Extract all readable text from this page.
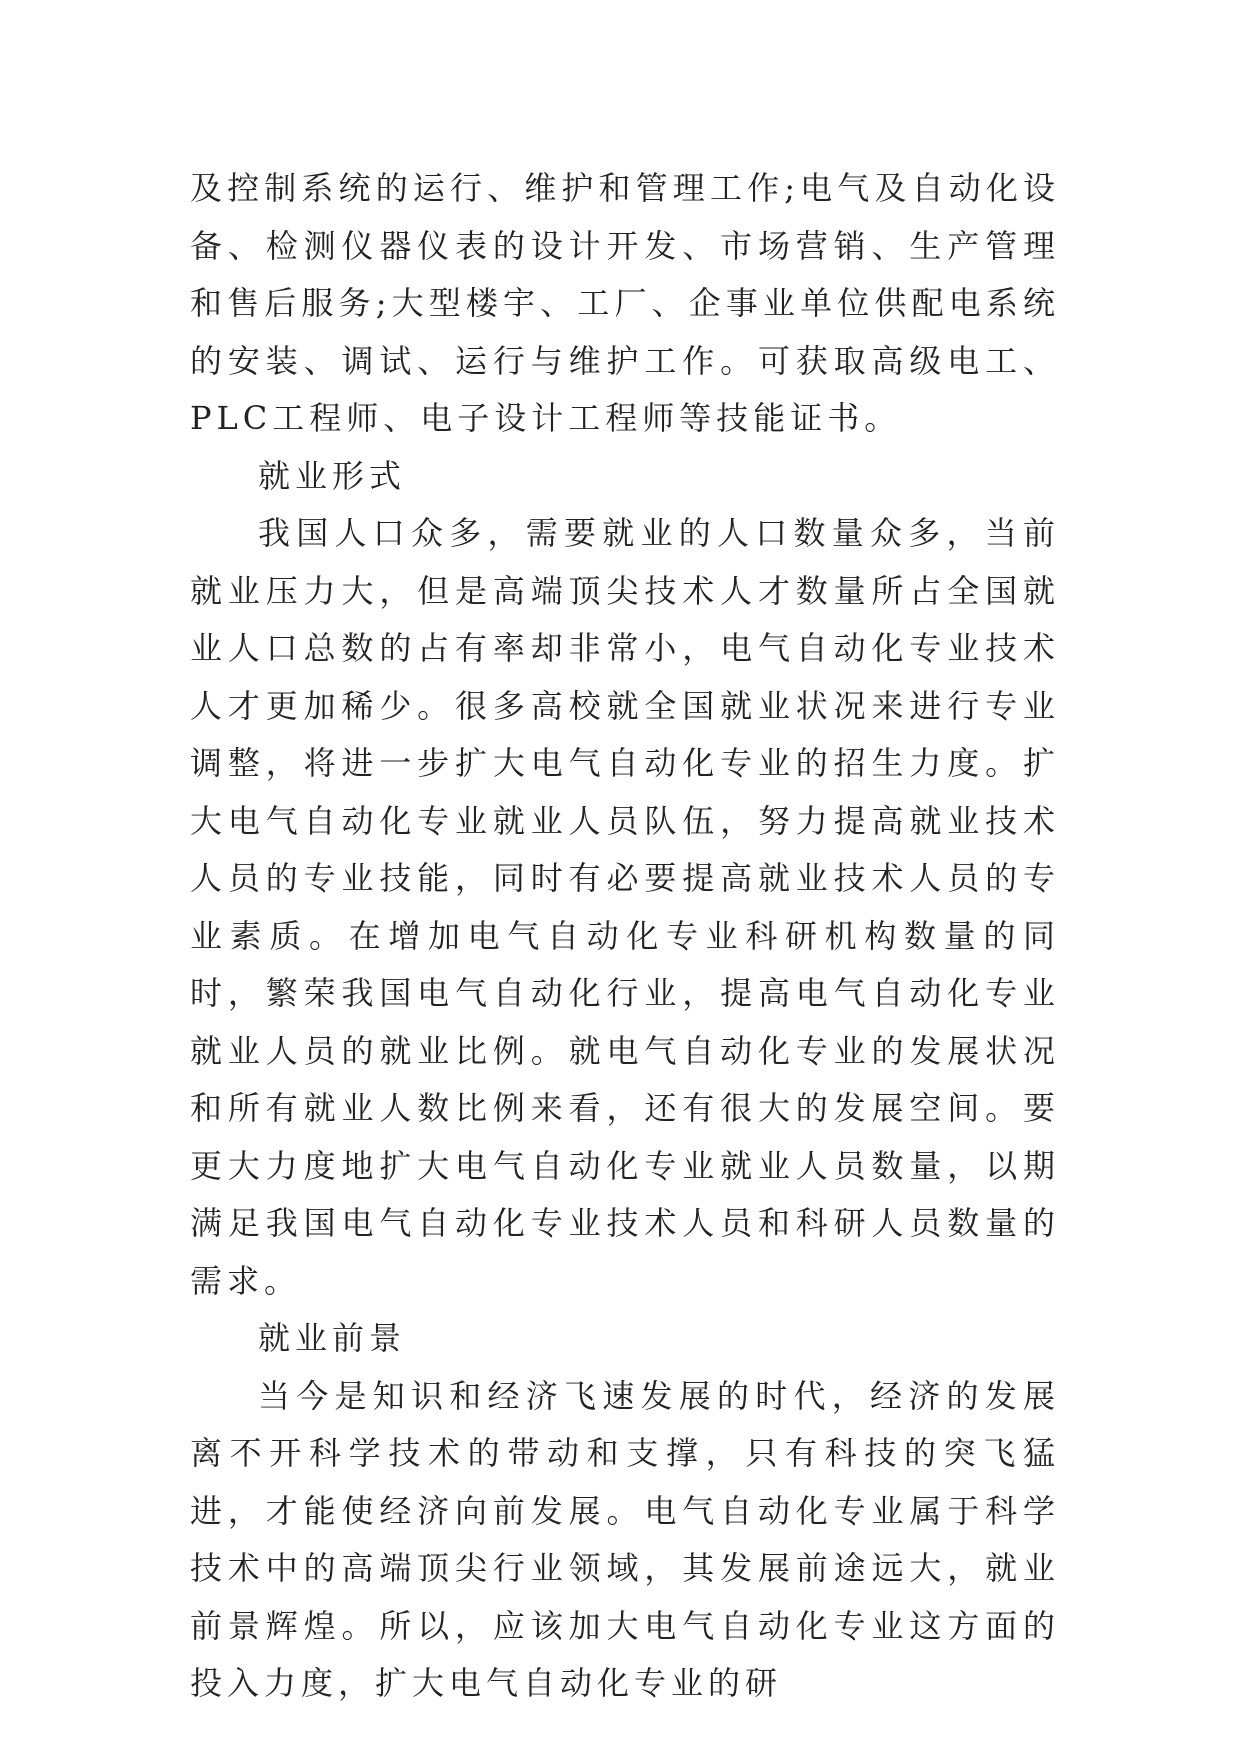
及控制系统的运行、维护和管理工作;电气及自动化设备、检测仪器仪表的设计开发、市场营销、生产管理和售后服务;大型楼宇、工厂、企事业单位供配电系统的安装、调试、运行与维护工作。可获取高级电工、PLC工程师、电子设计工程师等技能证书。

就业形式

我国人口众多，需要就业的人口数量众多，当前就业压力大，但是高端顶尖技术人才数量所占全国就业人口总数的占有率却非常小，电气自动化专业技术人才更加稀少。很多高校就全国就业状况来进行专业调整，将进一步扩大电气自动化专业的招生力度。扩大电气自动化专业就业人员队伍，努力提高就业技术人员的专业技能，同时有必要提高就业技术人员的专业素质。在增加电气自动化专业科研机构数量的同时，繁荣我国电气自动化行业，提高电气自动化专业就业人员的就业比例。就电气自动化专业的发展状况和所有就业人数比例来看，还有很大的发展空间。要更大力度地扩大电气自动化专业就业人员数量，以期满足我国电气自动化专业技术人员和科研人员数量的需求。

就业前景

当今是知识和经济飞速发展的时代，经济的发展离不开科学技术的带动和支撑，只有科技的突飞猛进，才能使经济向前发展。电气自动化专业属于科学技术中的高端顶尖行业领域，其发展前途远大，就业前景辉煌。所以，应该加大电气自动化专业这方面的投入力度，扩大电气自动化专业的研
